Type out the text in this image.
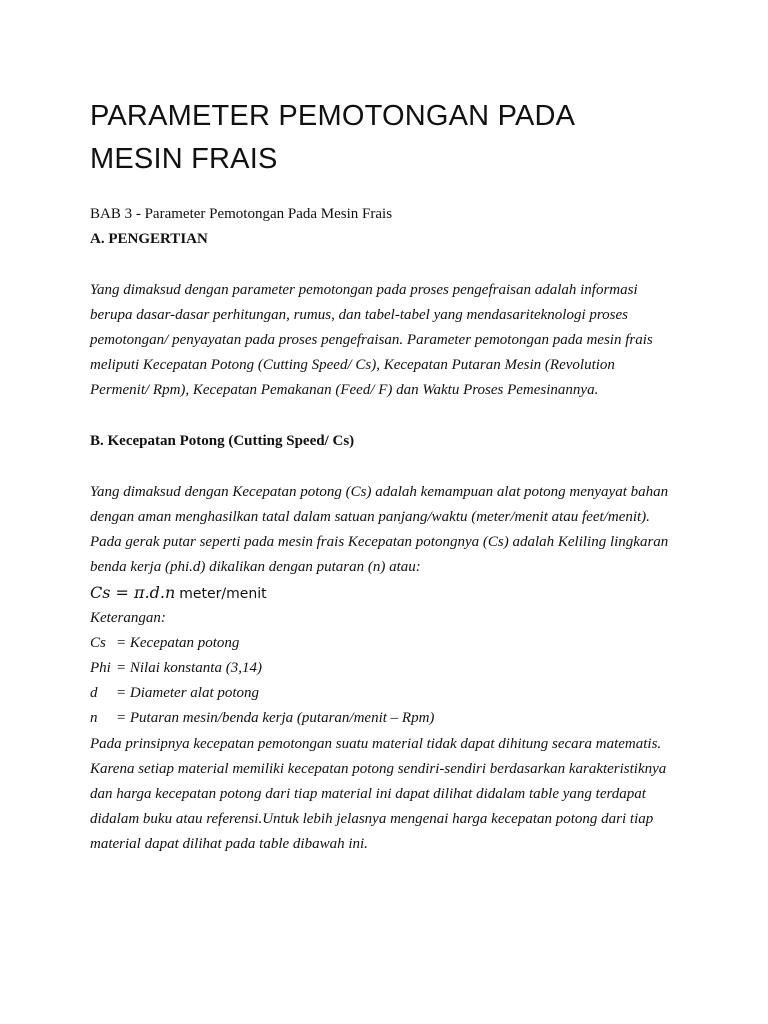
PARAMETER PEMOTONGAN PADA
MESIN FRAIS
BAB 3 - Parameter Pemotongan Pada Mesin Frais
A. PENGERTIAN
Yang dimaksud dengan parameter pemotongan pada proses pengefraisan adalah informasi
berupa dasar-dasar perhitungan, rumus, dan tabel-tabel yang mendasariteknologi proses
pemotongan/ penyayatan pada proses pengefraisan. Parameter pemotongan pada mesin frais
meliputi Kecepatan Potong (Cutting Speed/ Cs), Kecepatan Putaran Mesin (Revolution
Permenit/ Rpm), Kecepatan Pemakanan (Feed/ F) dan Waktu Proses Pemesinannya.
B. Kecepatan Potong (Cutting Speed/ Cs)
Yang dimaksud dengan Kecepatan potong (Cs) adalah kemampuan alat potong menyayat bahan
dengan aman menghasilkan tatal dalam satuan panjang/waktu (meter/menit atau feet/menit).
Pada gerak putar seperti pada mesin frais Kecepatan potongnya (Cs) adalah Keliling lingkaran
benda kerja (phi.d) dikalikan dengan putaran (n) atau:
Cs = π.d.n meter/menit
Keterangan:
Cs= Kecepatan potong
Phi= Nilai konstanta (3,14)
d= Diameter alat potong
n= Putaran mesin/benda kerja (putaran/menit – Rpm)
Pada prinsipnya kecepatan pemotongan suatu material tidak dapat dihitung secara matematis.
Karena setiap material memiliki kecepatan potong sendiri-sendiri berdasarkan karakteristiknya
dan harga kecepatan potong dari tiap material ini dapat dilihat didalam table yang terdapat
didalam buku atau referensi.Untuk lebih jelasnya mengenai harga kecepatan potong dari tiap
material dapat dilihat pada table dibawah ini.
